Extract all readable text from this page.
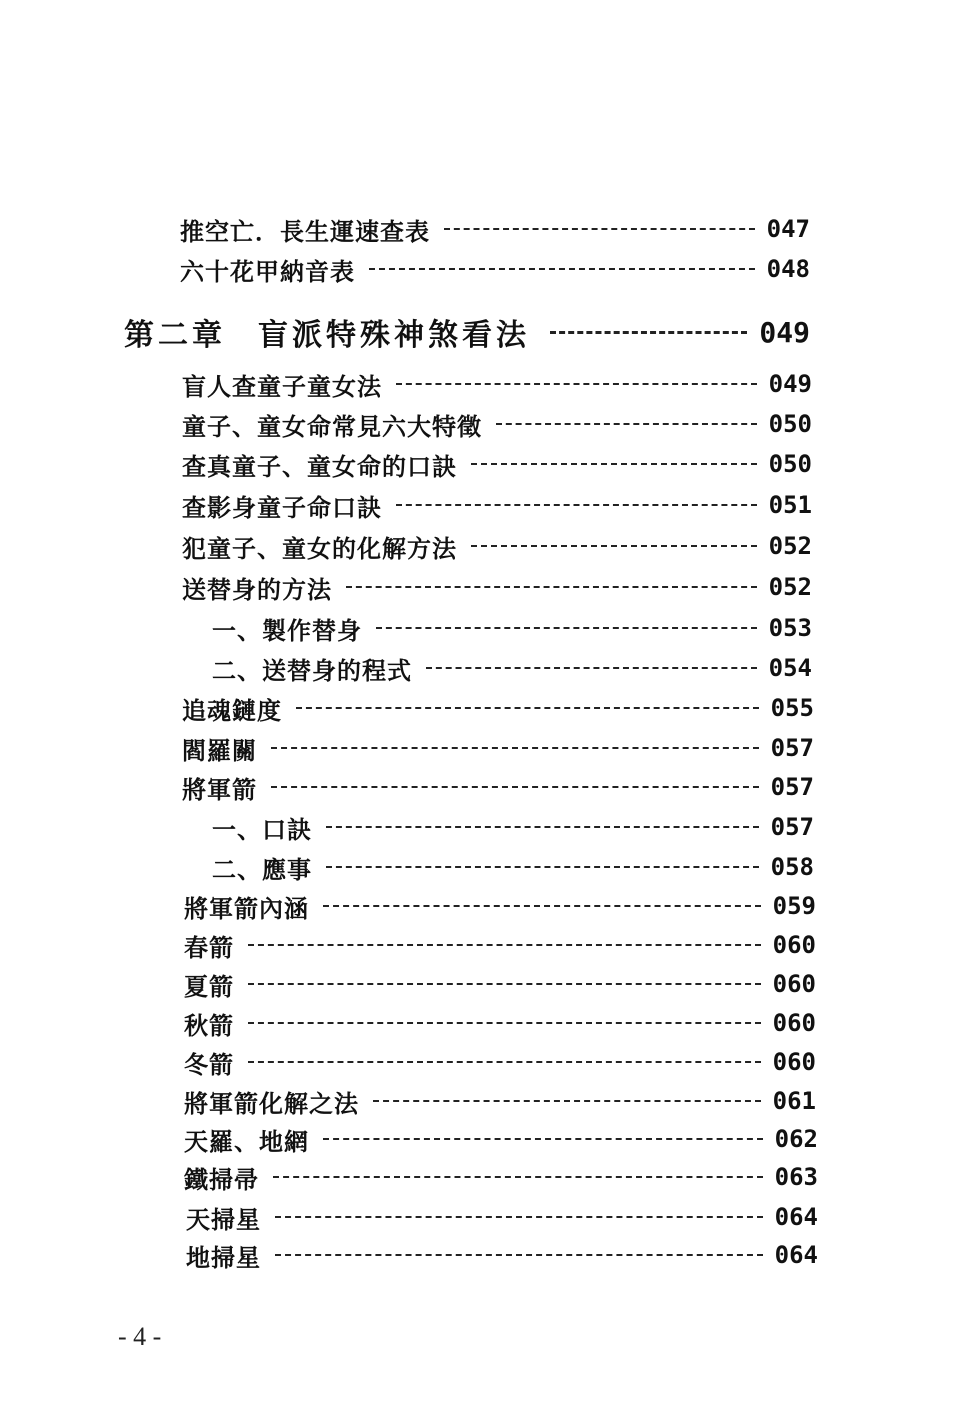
推空亡．長生運速查表	047
六十花甲納音表	048
第二章 盲派特殊神煞看法	049
盲人查童子童女法	049
童子、童女命常見六大特徵	050
查真童子、童女命的口訣	050
查影身童子命口訣	051
犯童子、童女的化解方法	052
送替身的方法	052
一、製作替身	053
二、送替身的程式	054
追魂鏈度	055
閻羅關	057
將軍箭	057
一、口訣	057
二、應事	058
將軍箭內涵	059
春箭	060
夏箭	060
秋箭	060
冬箭	060
將軍箭化解之法	061
天羅、地網	062
鐵掃帚	063
天掃星	064
地掃星	064
- 4 -
